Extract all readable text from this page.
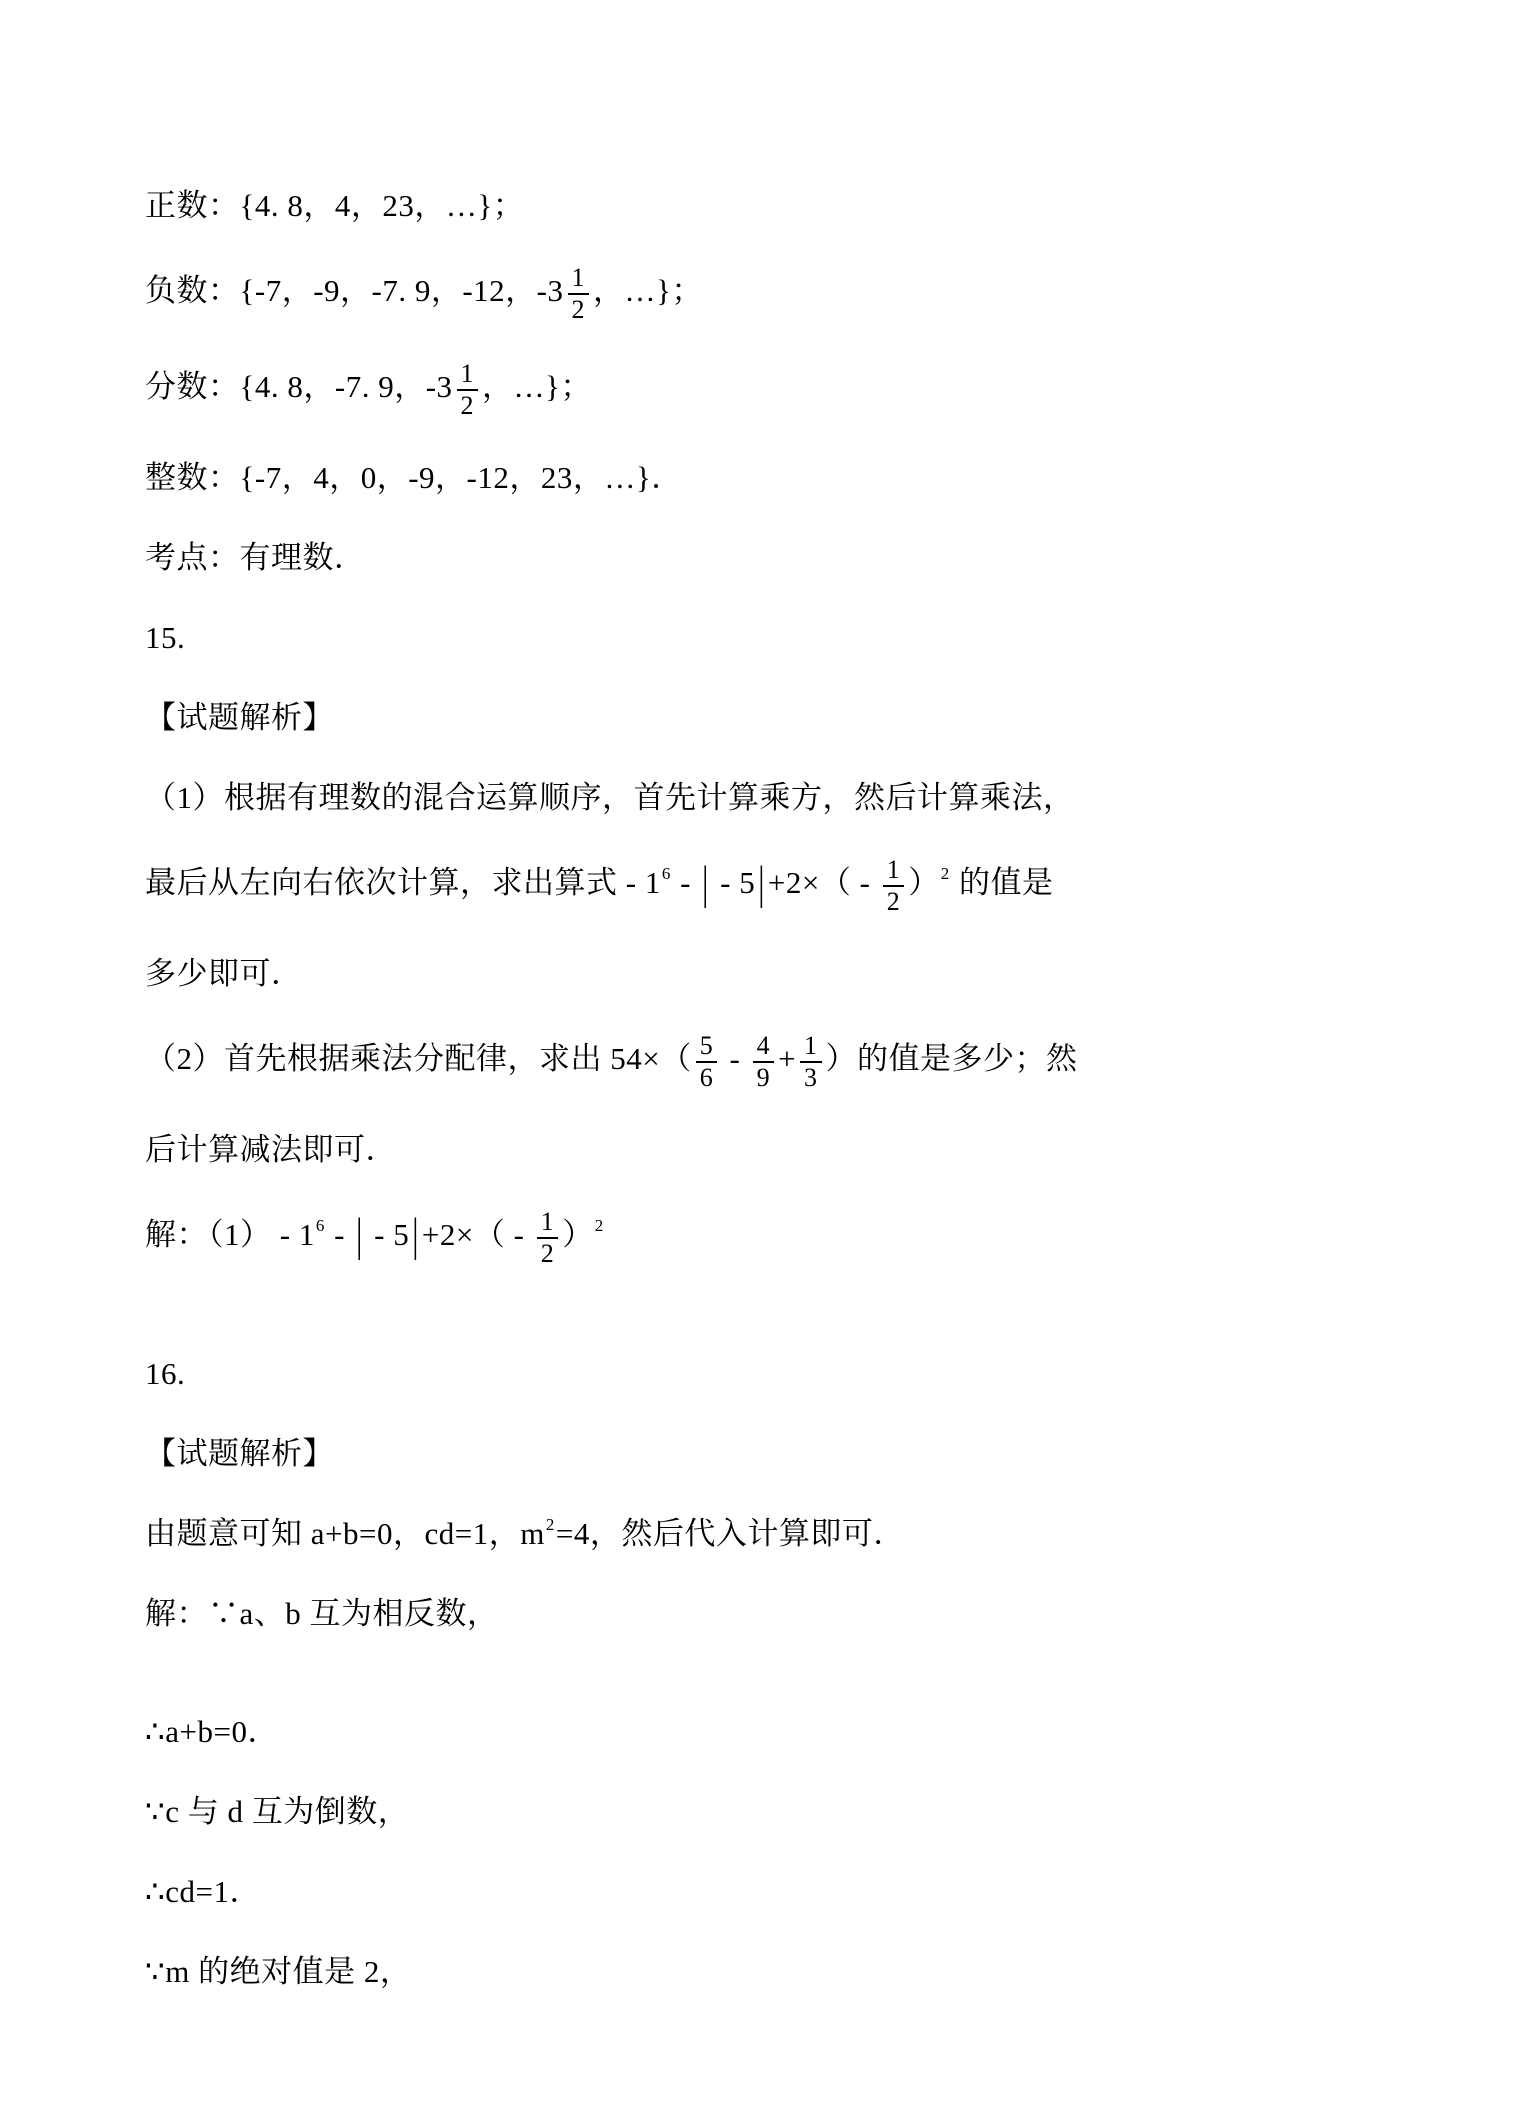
正数：{4. 8，4，23，…}；

负数：{-7，-9，-7. 9，-12，$-3 \frac{1}{2}$ ，…}；

分数：{4. 8，-7. 9，$-3 \frac{1}{2}$ ，…}；

整数：{-7，4，0，-9，-12，23，…}．

考点：有理数．

15.

【试题解析】

（1）根据有理数的混合运算顺序，首先计算乘方，然后计算乘法，

最后从左向右依次计算，求出算式 - $1^6$ - | - $5|+2\times( - \frac{1}{2} )^2$ 的值是

多少即可．

（2）首先根据乘法分配律，求出 $54\times( \frac{5}{6} - \frac{4}{9} + \frac{1}{3}$ ）的值是多少；然

后计算减法即可．

解：$(1) - 1^6$ - | - $5|+2\times( - \frac{1}{2} )^2$

16.

【试题解析】

由题意可知 a+b=0，cd=1，$m^2=4$，然后代入计算即可．

解：∵a、b 互为相反数，

∴a+b=0．

∵c 与 d 互为倒数，

∴cd=1．

∵m 的绝对值是 2，
